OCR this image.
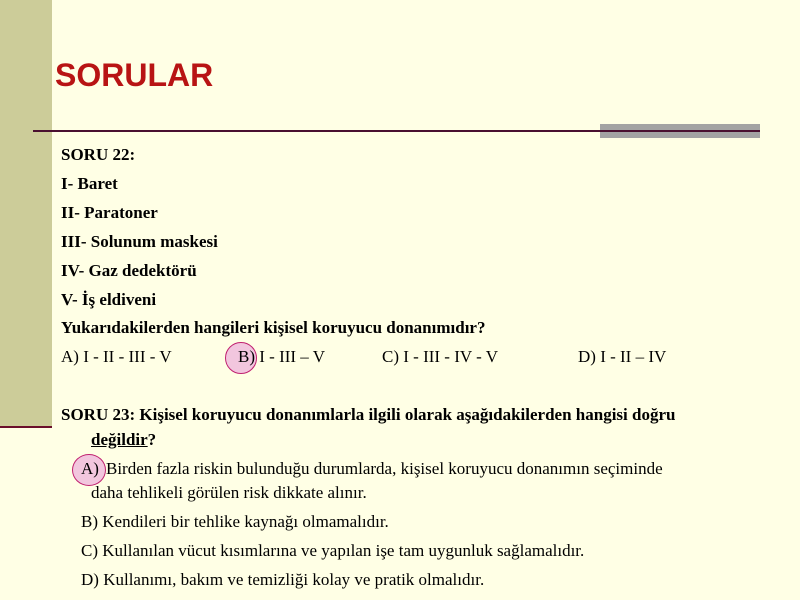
SORULAR
SORU 22:
I- Baret
II- Paratoner
III- Solunum maskesi
IV- Gaz dedektörü
V- İş eldiveni
Yukarıdakilerden hangileri kişisel koruyucu donanımıdır?
A) I - II - III - V	B) I - III – V	C) I - III - IV - V	D) I - II – IV
SORU 23: Kişisel koruyucu donanımlarla ilgili olarak aşağıdakilerden hangisi doğru
değildir?
A) Birden fazla riskin bulunduğu durumlarda, kişisel koruyucu donanımın seçiminde
daha tehlikeli görülen risk dikkate alınır.
B) Kendileri bir tehlike kaynağı olmamalıdır.
C) Kullanılan vücut kısımlarına ve yapılan işe tam uygunluk sağlamalıdır.
D) Kullanımı, bakım ve temizliği kolay ve pratik olmalıdır.
